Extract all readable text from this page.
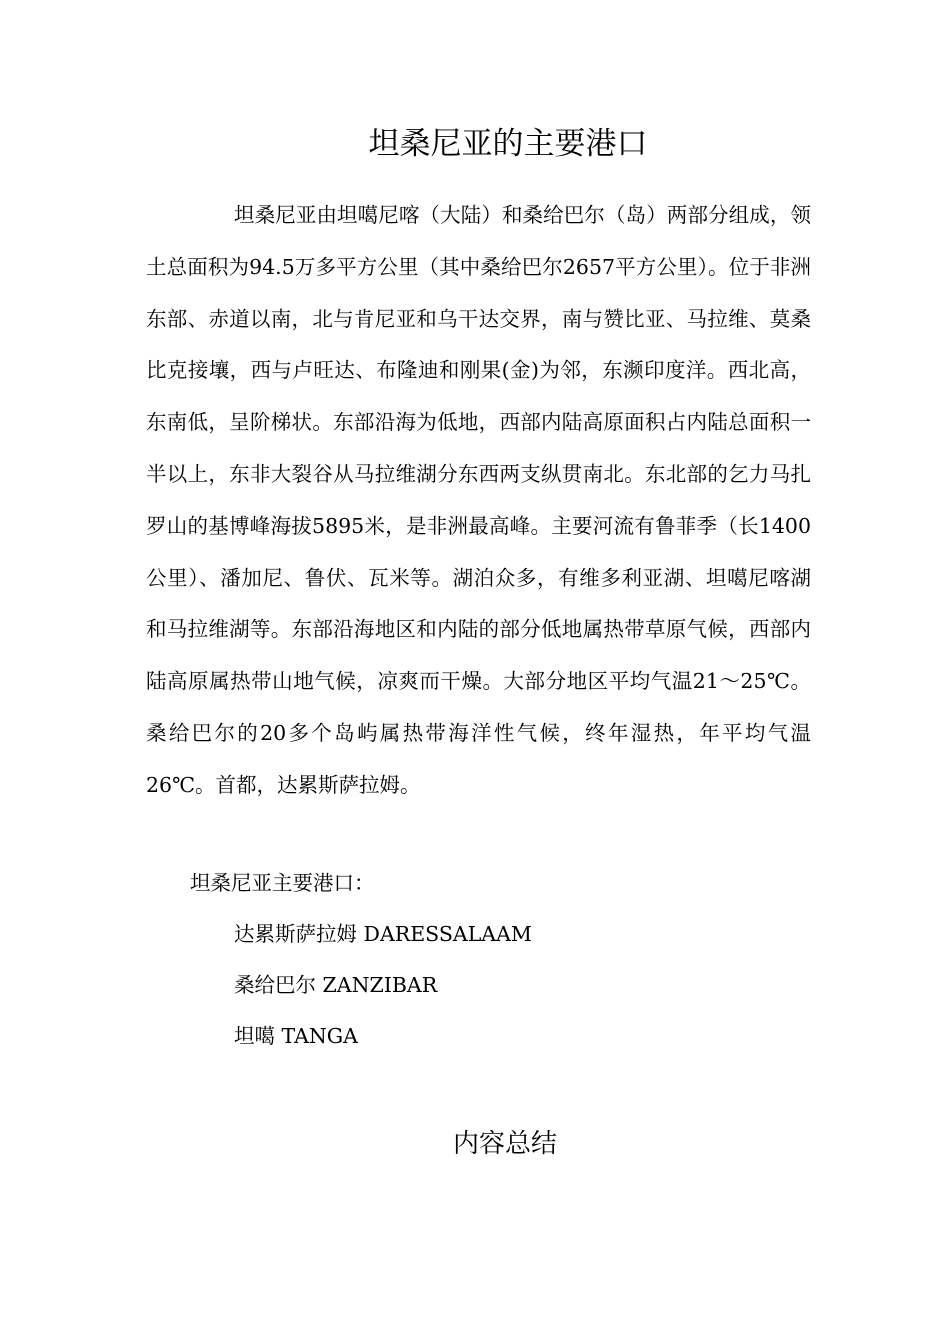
坦桑尼亚的主要港口

坦桑尼亚由坦噶尼喀（大陆）和桑给巴尔（岛）两部分组成，领土总面积为94.5万多平方公里（其中桑给巴尔2657平方公里）。位于非洲东部、赤道以南，北与肯尼亚和乌干达交界，南与赞比亚、马拉维、莫桑比克接壤，西与卢旺达、布隆迪和刚果(金)为邻，东濒印度洋。西北高，东南低，呈阶梯状。东部沿海为低地，西部内陆高原面积占内陆总面积一半以上，东非大裂谷从马拉维湖分东西两支纵贯南北。东北部的乞力马扎罗山的基博峰海拔5895米，是非洲最高峰。主要河流有鲁菲季（长1400公里）、潘加尼、鲁伏、瓦米等。湖泊众多，有维多利亚湖、坦噶尼喀湖和马拉维湖等。东部沿海地区和内陆的部分低地属热带草原气候，西部内陆高原属热带山地气候，凉爽而干燥。大部分地区平均气温21～25℃。桑给巴尔的20多个岛屿属热带海洋性气候，终年湿热，年平均气温26℃。首都，达累斯萨拉姆。

坦桑尼亚主要港口：
达累斯萨拉姆 DARESSALAAM
桑给巴尔 ZANZIBAR
坦噶 TANGA
内容总结
